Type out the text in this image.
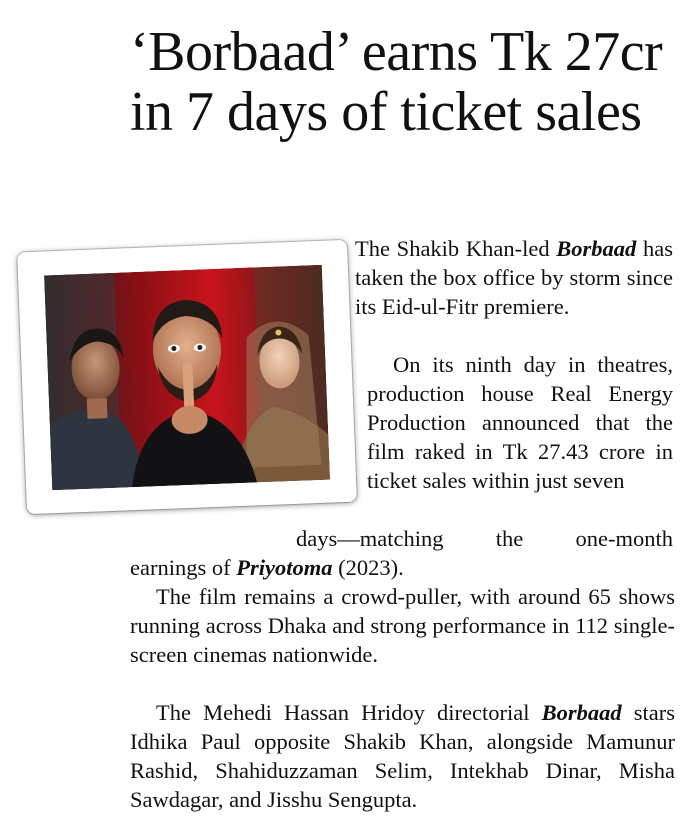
‘Borbaad’ earns Tk 27cr in 7 days of ticket sales
The Shakib Khan-led Borbaad has taken the box office by storm since its Eid-ul-Fitr premiere.
On its ninth day in theatres, production house Real Energy Production announced that the film raked in Tk 27.43 crore in ticket sales within just seven
days—matching the one-month
earnings of Priyotoma (2023).
The film remains a crowd-puller, with around 65 shows running across Dhaka and strong performance in 112 single-screen cinemas nationwide.
The Mehedi Hassan Hridoy directorial Borbaad stars Idhika Paul opposite Shakib Khan, alongside Mamunur Rashid, Shahiduzzaman Selim, Intekhab Dinar, Misha Sawdagar, and Jisshu Sengupta.
